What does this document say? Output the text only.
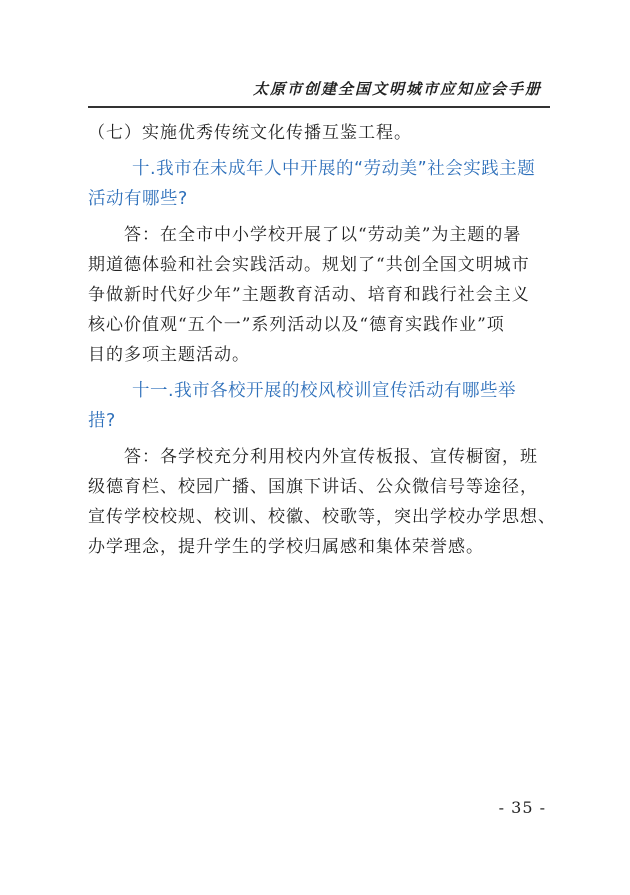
太原市创建全国文明城市应知应会手册
（七）实施优秀传统文化传播互鉴工程。
十.我市在未成年人中开展的“劳动美”社会实践主题
活动有哪些?
答：在全市中小学校开展了以“劳动美”为主题的暑
期道德体验和社会实践活动。规划了“共创全国文明城市
争做新时代好少年”主题教育活动、培育和践行社会主义
核心价值观“五个一”系列活动以及“德育实践作业”项
目的多项主题活动。
十一.我市各校开展的校风校训宣传活动有哪些举
措?
答：各学校充分利用校内外宣传板报、宣传橱窗，班
级德育栏、校园广播、国旗下讲话、公众微信号等途径，
宣传学校校规、校训、校徽、校歌等，突出学校办学思想、
办学理念，提升学生的学校归属感和集体荣誉感。
- 35 -
